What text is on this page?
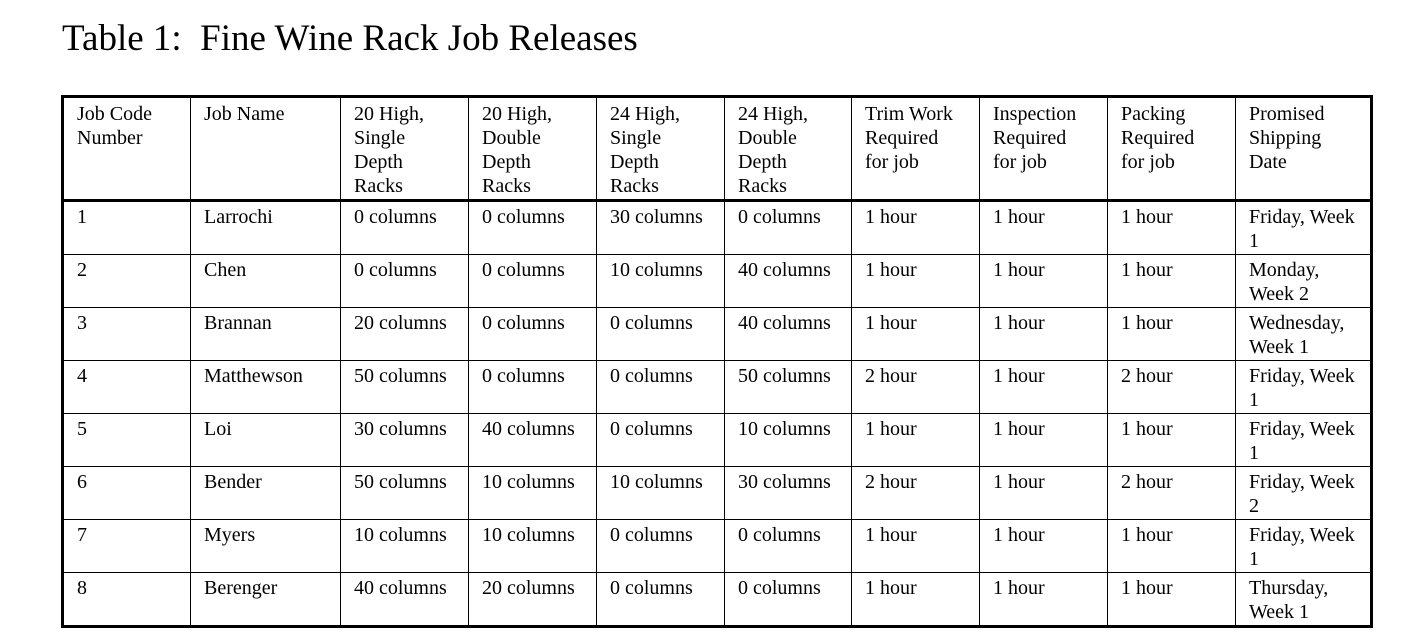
Table 1:  Fine Wine Rack Job Releases
Job Code
Number	Job Name	20 High,
Single
Depth
Racks	20 High,
Double
Depth
Racks	24 High,
Single
Depth
Racks	24 High,
Double
Depth
Racks	Trim Work
Required
for job	Inspection
Required
for job	Packing
Required
for job	Promised
Shipping
Date
1	Larrochi	0 columns	0 columns	30 columns	0 columns	1 hour	1 hour	1 hour	Friday, Week 1
2	Chen	0 columns	0 columns	10 columns	40 columns	1 hour	1 hour	1 hour	Monday, Week 2
3	Brannan	20 columns	0 columns	0 columns	40 columns	1 hour	1 hour	1 hour	Wednesday, Week 1
4	Matthewson	50 columns	0 columns	0 columns	50 columns	2 hour	1 hour	2 hour	Friday, Week 1
5	Loi	30 columns	40 columns	0 columns	10 columns	1 hour	1 hour	1 hour	Friday, Week 1
6	Bender	50 columns	10 columns	10 columns	30 columns	2 hour	1 hour	2 hour	Friday, Week 2
7	Myers	10 columns	10 columns	0 columns	0 columns	1 hour	1 hour	1 hour	Friday, Week 1
8	Berenger	40 columns	20 columns	0 columns	0 columns	1 hour	1 hour	1 hour	Thursday, Week 1
